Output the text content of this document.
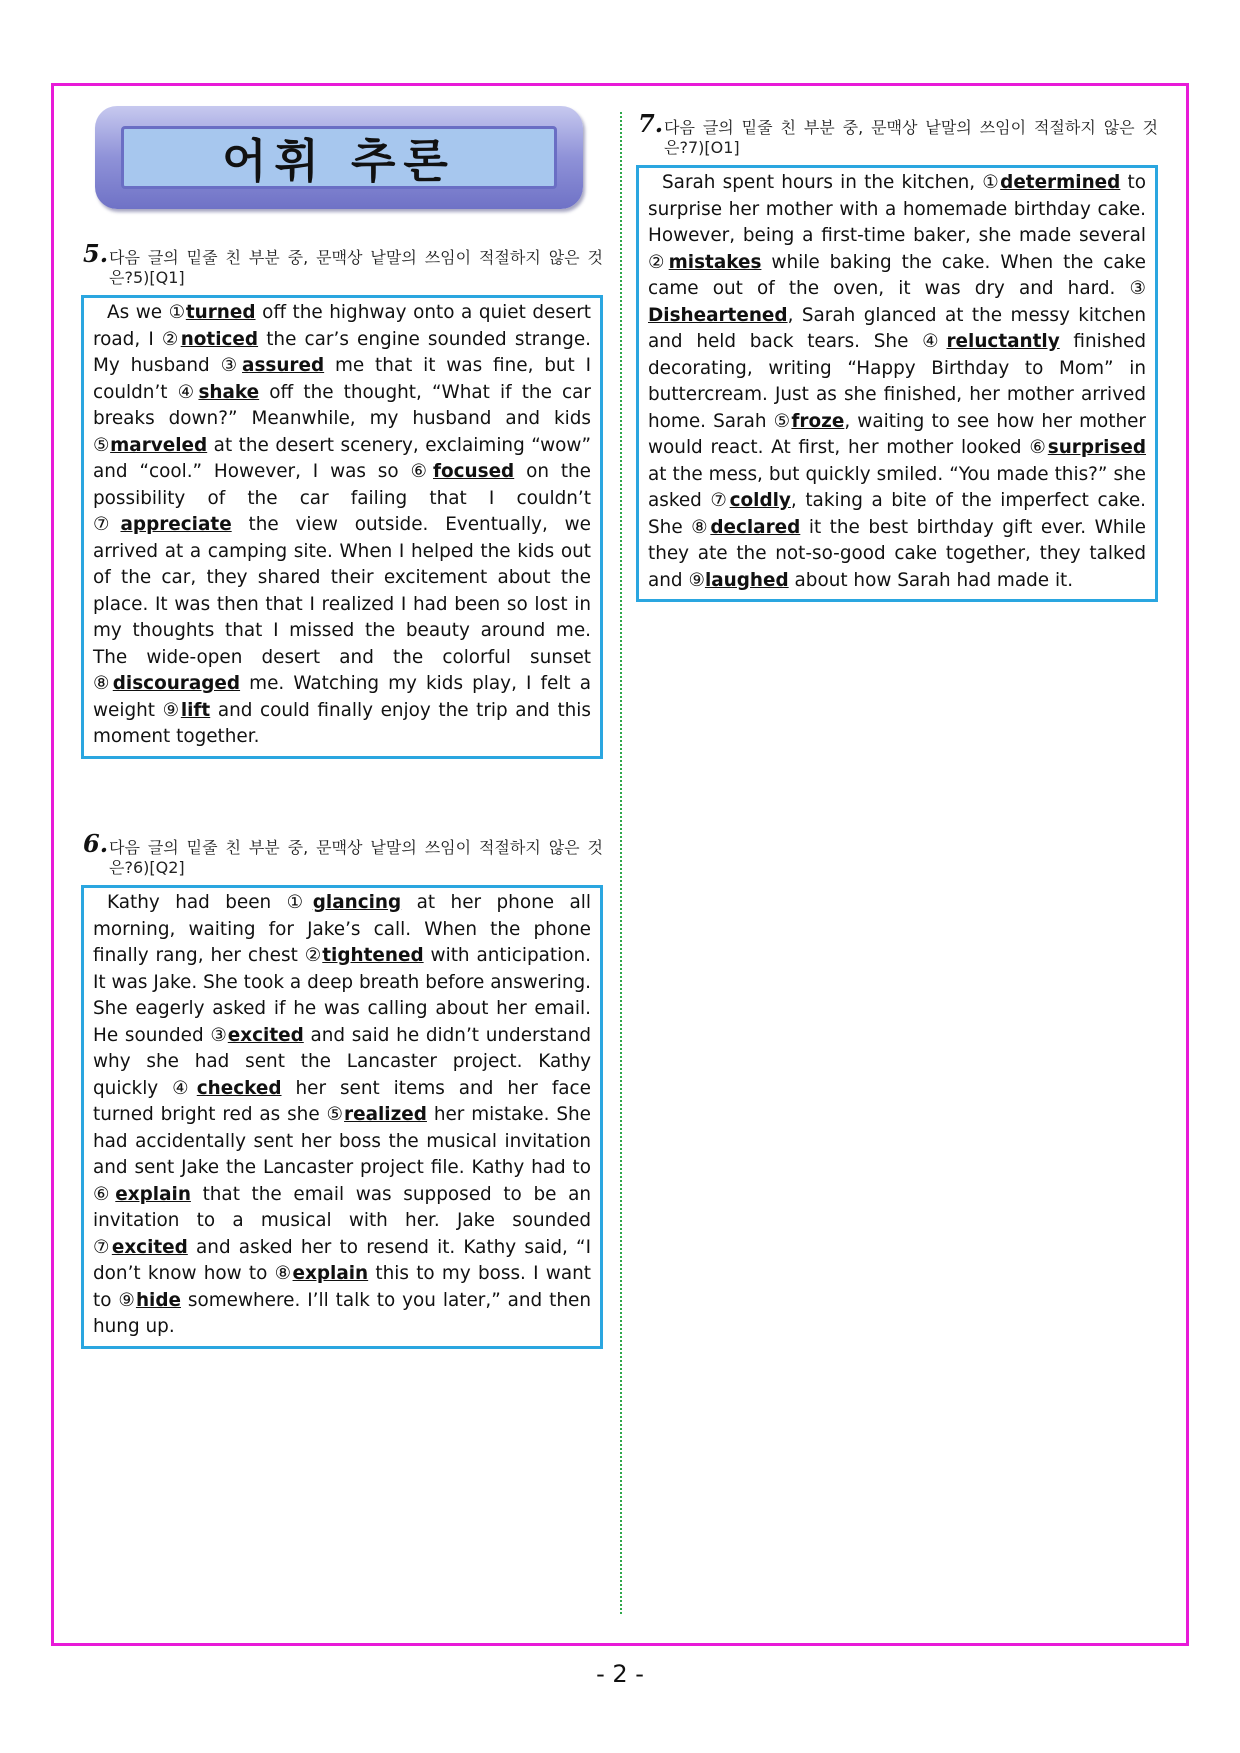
어휘 추론
5. 다음 글의 밑줄 친 부분 중, 문맥상 낱말의 쓰임이 적절하지 않은 것은?5)[Q1]

As we ①turned off the highway onto a quiet desert road, I ②noticed the car’s engine sounded strange. My husband ③assured me that it was fine, but I couldn’t ④shake off the thought, “What if the car breaks down?” Meanwhile, my husband and kids ⑤marveled at the desert scenery, exclaiming “wow” and “cool.” However, I was so ⑥focused on the possibility of the car failing that I couldn’t ⑦appreciate the view outside. Eventually, we arrived at a camping site. When I helped the kids out of the car, they shared their excitement about the place. It was then that I realized I had been so lost in my thoughts that I missed the beauty around me. The wide-open desert and the colorful sunset ⑧discouraged me. Watching my kids play, I felt a weight ⑨lift and could finally enjoy the trip and this moment together.

6. 다음 글의 밑줄 친 부분 중, 문맥상 낱말의 쓰임이 적절하지 않은 것은?6)[Q2]

Kathy had been ①glancing at her phone all morning, waiting for Jake’s call. When the phone finally rang, her chest ②tightened with anticipation. It was Jake. She took a deep breath before answering. She eagerly asked if he was calling about her email. He sounded ③excited and said he didn’t understand why she had sent the Lancaster project. Kathy quickly ④checked her sent items and her face turned bright red as she ⑤realized her mistake. She had accidentally sent her boss the musical invitation and sent Jake the Lancaster project file. Kathy had to ⑥explain that the email was supposed to be an invitation to a musical with her. Jake sounded ⑦excited and asked her to resend it. Kathy said, “I don’t know how to ⑧explain this to my boss. I want to ⑨hide somewhere. I’ll talk to you later,” and then hung up.

7. 다음 글의 밑줄 친 부분 중, 문맥상 낱말의 쓰임이 적절하지 않은 것은?7)[O1]

Sarah spent hours in the kitchen, ①determined to surprise her mother with a homemade birthday cake. However, being a first-time baker, she made several ②mistakes while baking the cake. When the cake came out of the oven, it was dry and hard. ③ Disheartened, Sarah glanced at the messy kitchen and held back tears. She ④reluctantly finished decorating, writing “Happy Birthday to Mom” in buttercream. Just as she finished, her mother arrived home. Sarah ⑤froze, waiting to see how her mother would react. At first, her mother looked ⑥surprised at the mess, but quickly smiled. “You made this?” she asked ⑦coldly, taking a bite of the imperfect cake. She ⑧declared it the best birthday gift ever. While they ate the not-so-good cake together, they talked and ⑨laughed about how Sarah had made it.

- 2 -
